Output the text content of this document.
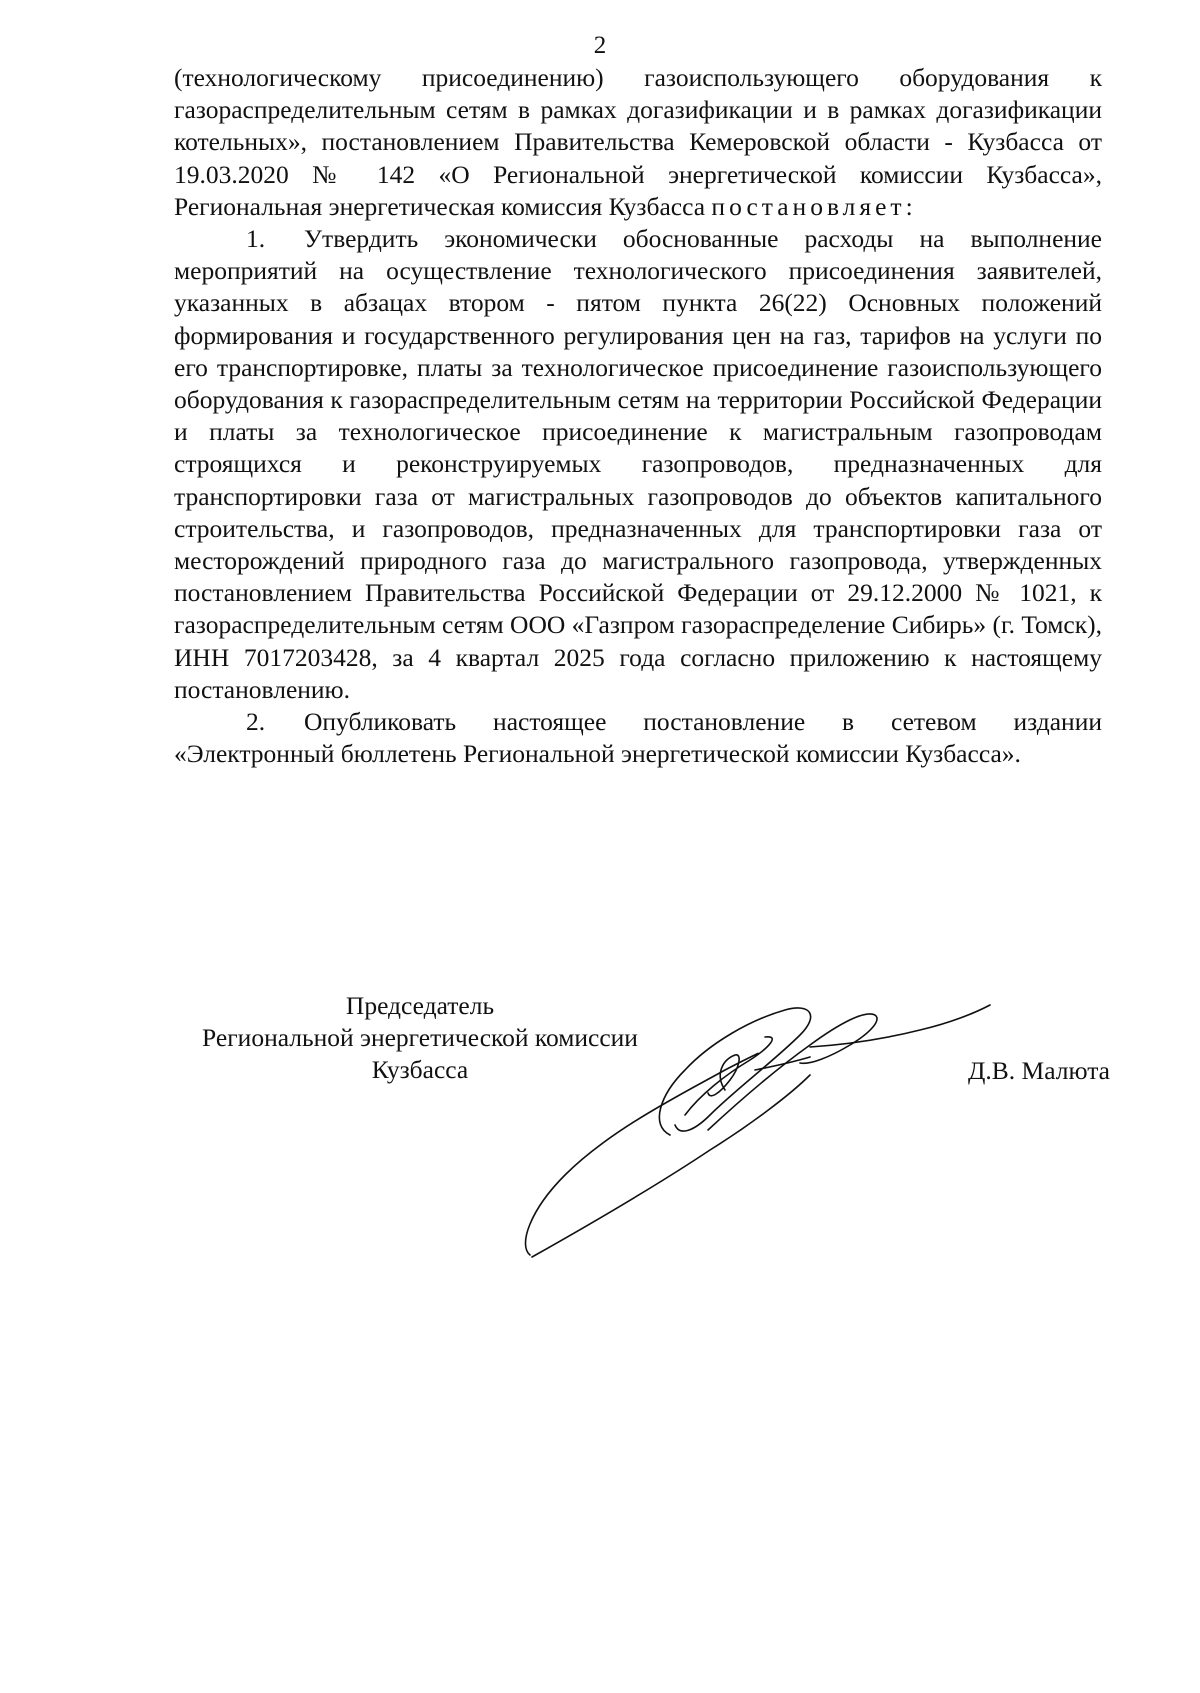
2

(технологическому присоединению) газоиспользующего оборудования к газораспределительным сетям в рамках догазификации и в рамках догазификации котельных», постановлением Правительства Кемеровской области - Кузбасса от 19.03.2020 № 142 «О Региональной энергетической комиссии Кузбасса», Региональная энергетическая комиссия Кузбасса постановляет:

1. Утвердить экономически обоснованные расходы на выполнение мероприятий на осуществление технологического присоединения заявителей, указанных в абзацах втором - пятом пункта 26(22) Основных положений формирования и государственного регулирования цен на газ, тарифов на услуги по его транспортировке, платы за технологическое присоединение газоиспользующего оборудования к газораспределительным сетям на территории Российской Федерации и платы за технологическое присоединение к магистральным газопроводам строящихся и реконструируемых газопроводов, предназначенных для транспортировки газа от магистральных газопроводов до объектов капитального строительства, и газопроводов, предназначенных для транспортировки газа от месторождений природного газа до магистрального газопровода, утвержденных постановлением Правительства Российской Федерации от 29.12.2000 № 1021, к газораспределительным сетям ООО «Газпром газораспределение Сибирь» (г. Томск), ИНН 7017203428, за 4 квартал 2025 года согласно приложению к настоящему постановлению.

2. Опубликовать настоящее постановление в сетевом издании «Электронный бюллетень Региональной энергетической комиссии Кузбасса».

Председатель
Региональной энергетической комиссии
Кузбасса	Д.В. Малюта
